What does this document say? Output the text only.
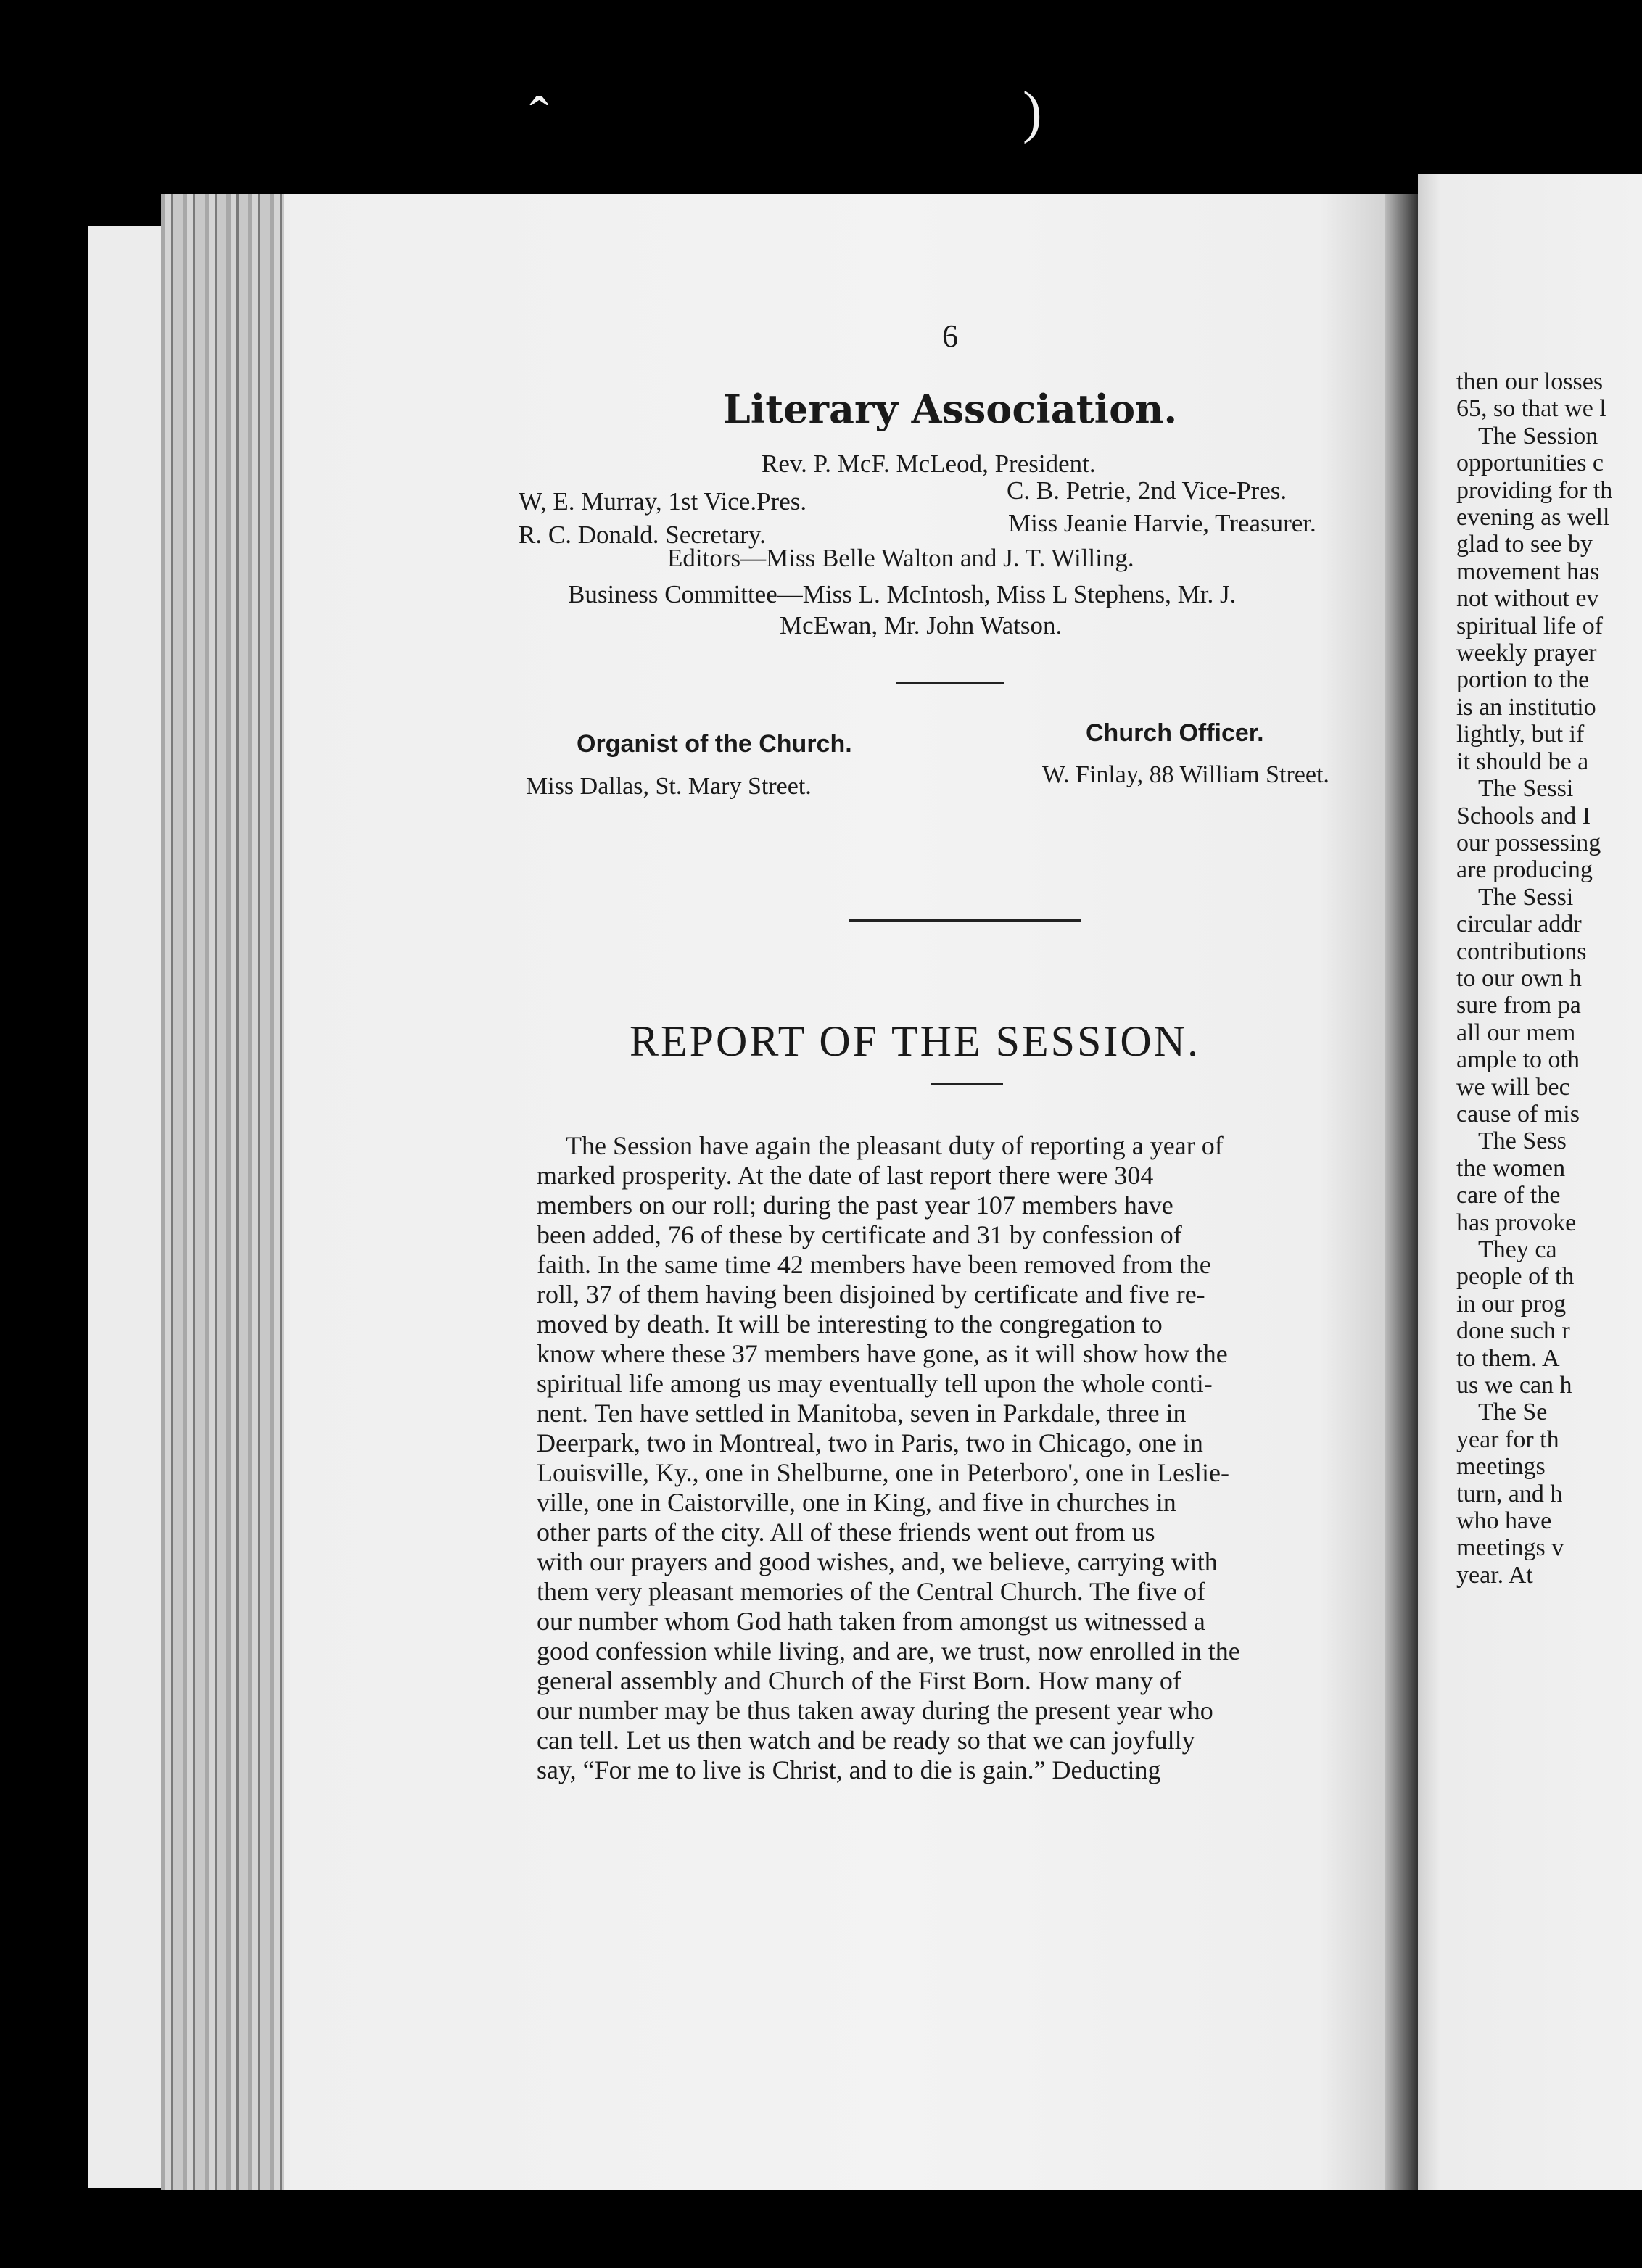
ˆ	)
6
Literary Association.
Rev. P. McF. McLeod, President.
W, E. Murray, 1st Vice.Pres.	C. B. Petrie, 2nd Vice-Pres.
R. C. Donald. Secretary.	Miss Jeanie Harvie, Treasurer.
Editors—Miss Belle Walton and J. T. Willing.
Business Committee—Miss L. McIntosh, Miss L Stephens, Mr. J.
McEwan, Mr. John Watson.
Organist of the Church.
Miss Dallas, St. Mary Street.
Church Officer.
W. Finlay, 88 William Street.
REPORT OF THE SESSION.
The Session have again the pleasant duty of reporting a year of
marked prosperity. At the date of last report there were 304
members on our roll; during the past year 107 members have
been added, 76 of these by certificate and 31 by confession of
faith. In the same time 42 members have been removed from the
roll, 37 of them having been disjoined by certificate and five re-
moved by death. It will be interesting to the congregation to
know where these 37 members have gone, as it will show how the
spiritual life among us may eventually tell upon the whole conti-
nent. Ten have settled in Manitoba, seven in Parkdale, three in
Deerpark, two in Montreal, two in Paris, two in Chicago, one in
Louisville, Ky., one in Shelburne, one in Peterboro', one in Leslie-
ville, one in Caistorville, one in King, and five in churches in
other parts of the city. All of these friends went out from us
with our prayers and good wishes, and, we believe, carrying with
them very pleasant memories of the Central Church. The five of
our number whom God hath taken from amongst us witnessed a
good confession while living, and are, we trust, now enrolled in the
general assembly and Church of the First Born. How many of
our number may be thus taken away during the present year who
can tell. Let us then watch and be ready so that we can joyfully
say, “For me to live is Christ, and to die is gain.” Deducting
then our losses
65, so that we l
The Session
opportunities c
providing for th
evening as well
glad to see by
movement has
not without ev
spiritual life of
weekly prayer
portion to the
is an institutio
lightly, but if
it should be a
The Sessi
Schools and I
our possessing
are producing
The Sessi
circular addr
contributions
to our own h
sure from pa
all our mem
ample to oth
we will bec
cause of mis
The Sess
the women
care of the
has provoke
They ca
people of th
in our prog
done such r
to them. A
us we can h
The Se
year for th
meetings
turn, and h
who have
meetings v
year. At
